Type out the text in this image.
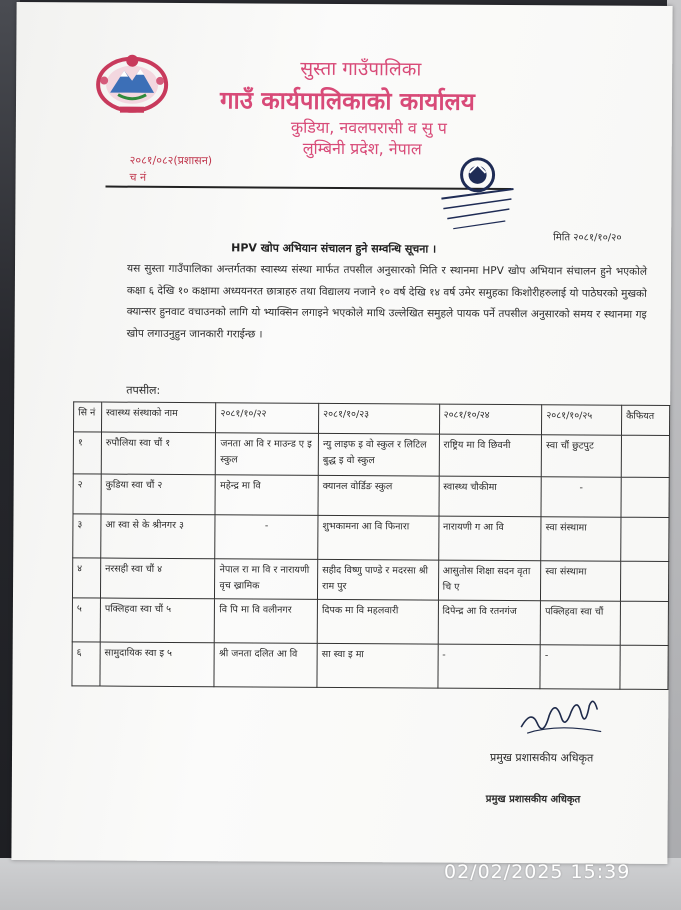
सुस्ता गाउँपालिका
गाउँ कार्यपालिकाको कार्यालय
कुडिया, नवलपरासी व सु प
लुम्बिनी प्रदेश, नेपाल
२०८१/०८२(प्रशासन)
च नं
मिति २०८१/१०/२०
HPV खोप अभियान संचालन हुने सम्वन्धि सूचना ।
यस सुस्ता गाउँपालिका अन्तर्गतका स्वास्थ्य संस्था मार्फत तपसील अनुसारको मिति र स्थानमा HPV खोप अभियान संचालन हुने भएकोले कक्षा ६ देखि १० कक्षामा अध्ययनरत छात्राहरु तथा विद्यालय नजाने १० वर्ष देखि १४ वर्ष उमेर समुहका किशोरीहरुलाई यो पाठेघरको मुखको क्यान्सर हुनवाट वचाउनको लागि यो भ्याक्सिन लगाइने भएकोले माथि उल्लेखित समुहले पायक पर्ने तपसील अनुसारको समय र स्थानमा गइ खोप लगाउनुहुन जानकारी गराईन्छ ।
तपसील:
सि नं	स्वास्थ्य संस्थाको नाम	२०८१/१०/२२	२०८१/१०/२३	२०८१/१०/२४	२०८१/१०/२५	कैफियत
१	रुपौलिया स्वा चौं १	जनता आ वि र माउन्ड ए इ स्कुल	न्यु लाइफ इ वो स्कुल र लिटिल बुद्ध इ वो स्कुल	राष्ट्रिय मा वि छिवनी	स्वा चौं छुटपुट	
२	कुडिया स्वा चौं २	महेन्द्र मा वि	क्यानल वोर्डिङ स्कुल	स्वास्थ्य चौकीमा	-	
३	आ स्वा से के श्रीनगर ३	-	शुभकामना आ वि फिनारा	नारायणी ग आ वि	स्वा संस्थामा	
४	नरसही स्वा चौं ४	नेपाल रा मा वि र नारायणी वृच ख्रामिक	सहीद विष्णु पाण्डे र मदरसा श्री राम पुर	आसुतोस शिक्षा सदन वृता चि ए	स्वा संस्थामा	
५	पक्लिहवा स्वा चौं ५	वि पि मा वि वलीनगर	दिपक मा वि महलवारी	दिपेन्द्र आ वि रतनगंज	पक्लिहवा स्वा चौं	
६	सामुदायिक स्वा इ ५	श्री जनता दलित आ वि	सा स्वा इ मा	-	-	
प्रमुख प्रशासकीय अधिकृत
प्रमुख प्रशासकीय अधिकृत
02/02/2025 15:39
